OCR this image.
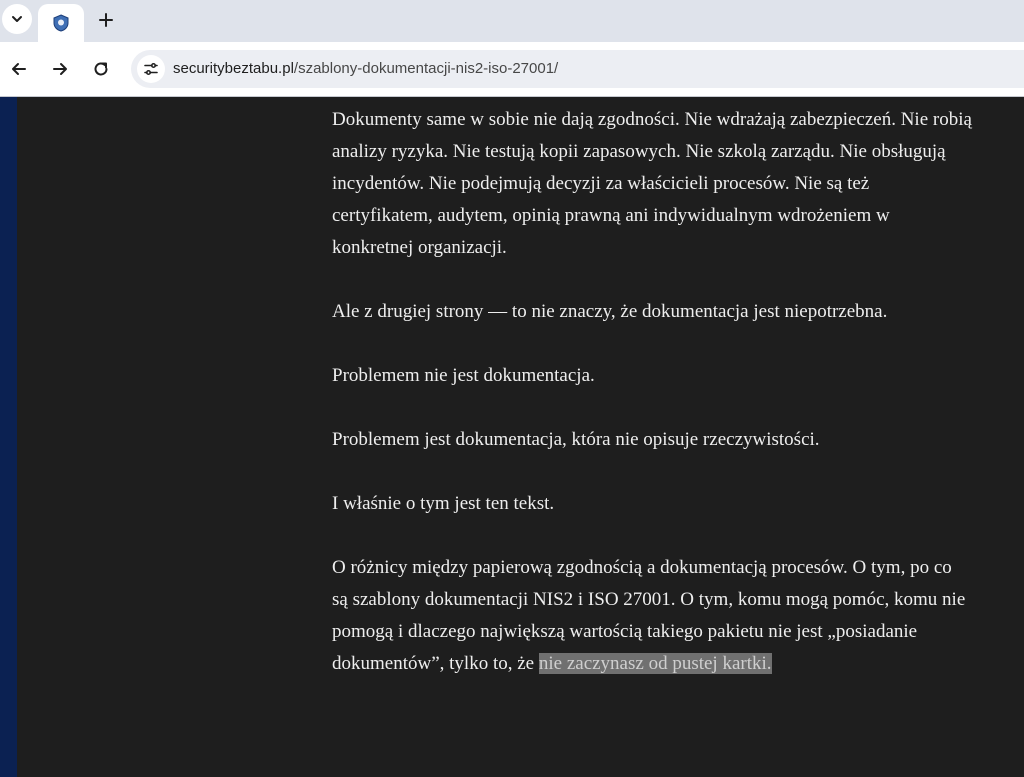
securitybeztabu.pl/szablony-dokumentacji-nis2-iso-27001/

Dokumenty same w sobie nie dają zgodności. Nie wdrażają zabezpieczeń. Nie robią analizy ryzyka. Nie testują kopii zapasowych. Nie szkolą zarządu. Nie obsługują incydentów. Nie podejmują decyzji za właścicieli procesów. Nie są też certyfikatem, audytem, opinią prawną ani indywidualnym wdrożeniem w konkretnej organizacji.

Ale z drugiej strony — to nie znaczy, że dokumentacja jest niepotrzebna.

Problemem nie jest dokumentacja.

Problemem jest dokumentacja, która nie opisuje rzeczywistości.

I właśnie o tym jest ten tekst.

O różnicy między papierową zgodnością a dokumentacją procesów. O tym, po co są szablony dokumentacji NIS2 i ISO 27001. O tym, komu mogą pomóc, komu nie pomogą i dlaczego największą wartością takiego pakietu nie jest „posiadanie dokumentów”, tylko to, że nie zaczynasz od pustej kartki.
